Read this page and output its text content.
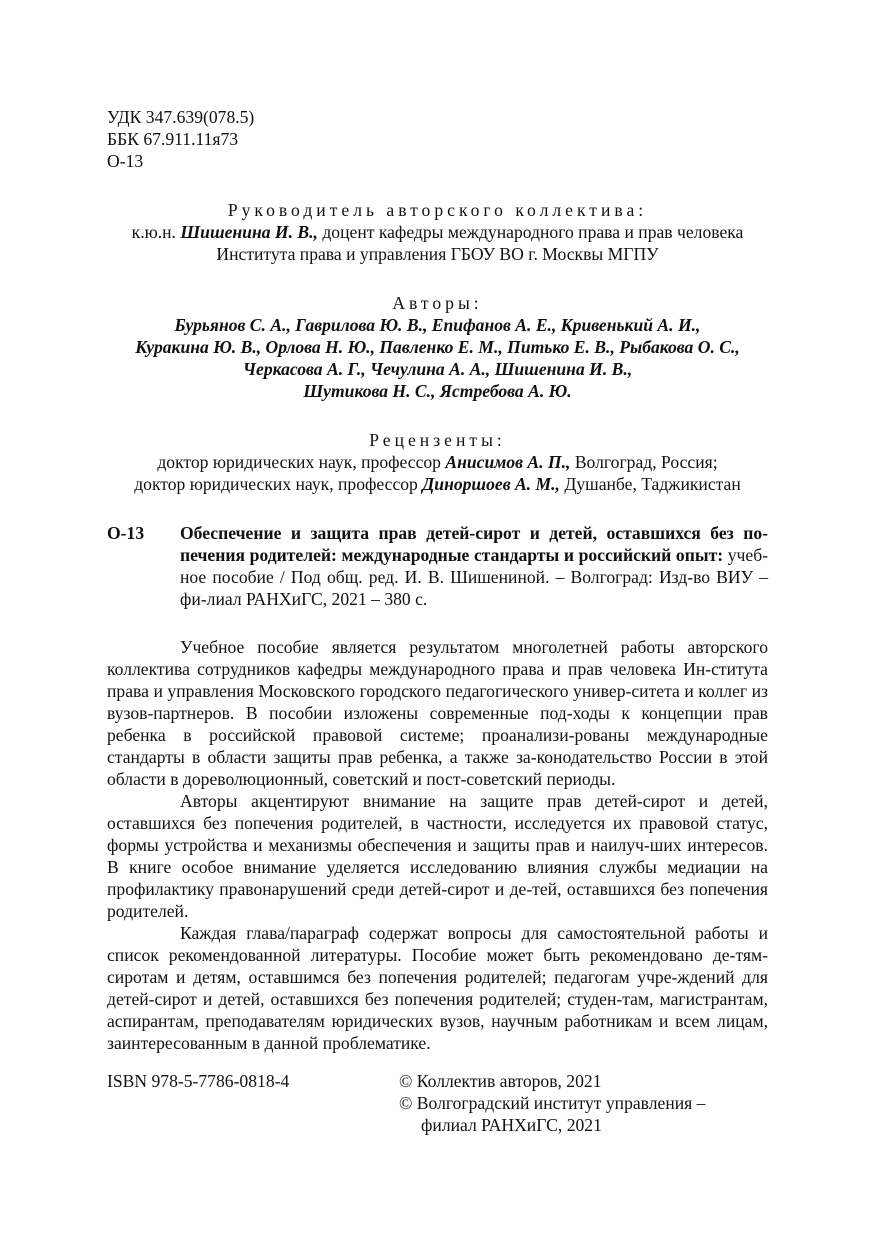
УДК 347.639(078.5)
ББК 67.911.11я73
О-13
Руководитель авторского коллектива:
к.ю.н. Шишенина И. В., доцент кафедры международного права и прав человека
Института права и управления ГБОУ ВО г. Москвы МГПУ
Авторы:
Бурьянов С. А., Гаврилова Ю. В., Епифанов А. Е., Кривенький А. И.,
Куракина Ю. В., Орлова Н. Ю., Павленко Е. М., Питько Е. В., Рыбакова О. С.,
Черкасова А. Г., Чечулина А. А., Шишенина И. В.,
Шутикова Н. С., Ястребова А. Ю.
Рецензенты:
доктор юридических наук, профессор Анисимов А. П., Волгоград, Россия;
доктор юридических наук, профессор Диноршоев А. М., Душанбе, Таджикистан
О-13	Обеспечение и защита прав детей-сирот и детей, оставшихся без по-печения родителей: международные стандарты и российский опыт: учеб-ное пособие / Под общ. ред. И. В. Шишениной. – Волгоград: Изд-во ВИУ – фи-лиал РАНХиГС, 2021 – 380 с.

Учебное пособие является результатом многолетней работы авторского коллектива сотрудников кафедры международного права и прав человека Ин-ститута права и управления Московского городского педагогического универ-ситета и коллег из вузов-партнеров. В пособии изложены современные под-ходы к концепции прав ребенка в российской правовой системе; проанализи-рованы международные стандарты в области защиты прав ребенка, а также за-конодательство России в этой области в дореволюционный, советский и пост-советский периоды.

Авторы акцентируют внимание на защите прав детей-сирот и детей, оставшихся без попечения родителей, в частности, исследуется их правовой статус, формы устройства и механизмы обеспечения и защиты прав и наилуч-ших интересов. В книге особое внимание уделяется исследованию влияния службы медиации на профилактику правонарушений среди детей-сирот и де-тей, оставшихся без попечения родителей.

Каждая глава/параграф содержат вопросы для самостоятельной работы и список рекомендованной литературы. Пособие может быть рекомендовано де-тям-сиротам и детям, оставшимся без попечения родителей; педагогам учре-ждений для детей-сирот и детей, оставшихся без попечения родителей; студен-там, магистрантам, аспирантам, преподавателям юридических вузов, научным работникам и всем лицам, заинтересованным в данной проблематике.

ISBN 978-5-7786-0818-4	© Коллектив авторов, 2021
© Волгоградский институт управления –
филиал РАНХиГС, 2021
